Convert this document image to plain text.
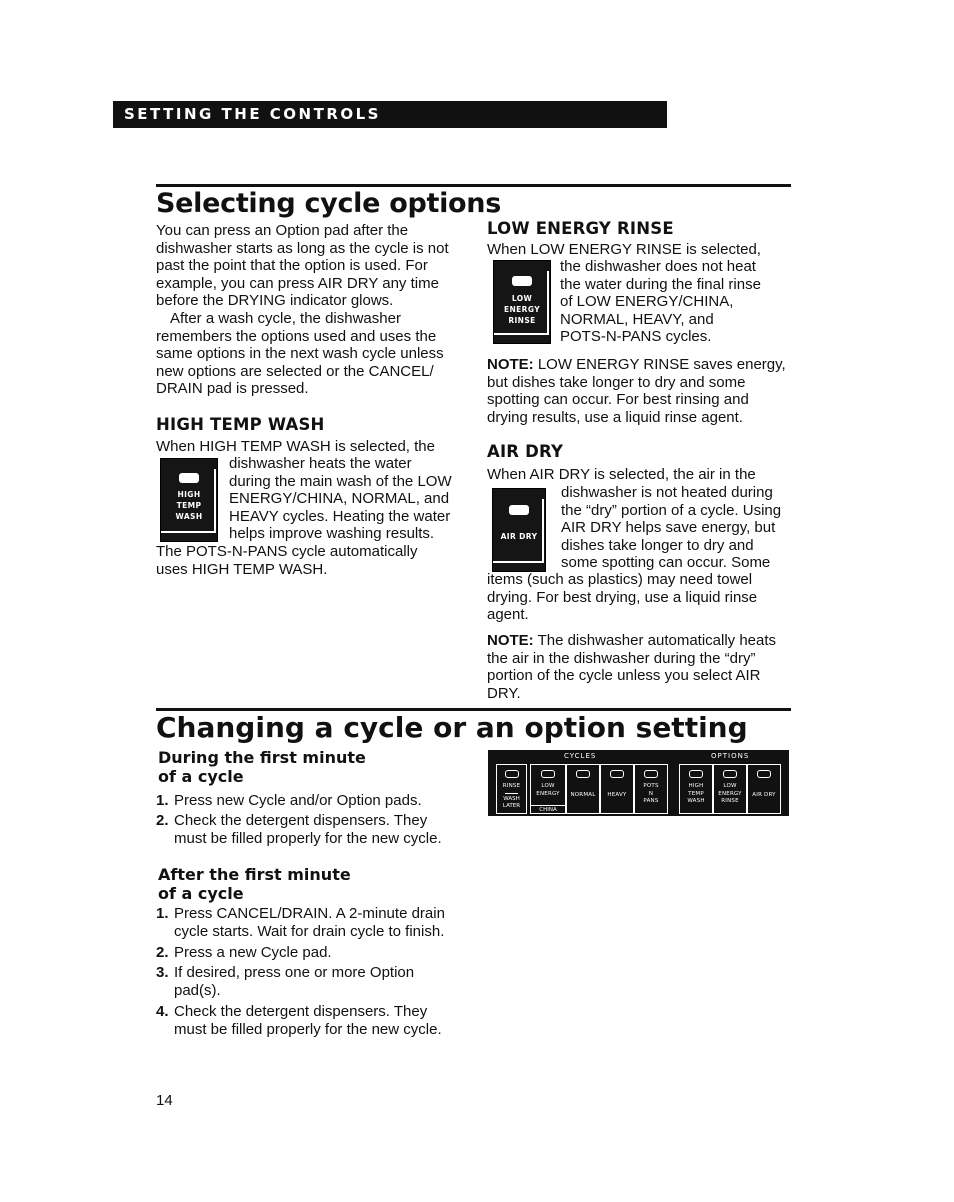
SETTING THE CONTROLS
Selecting cycle options

You can press an Option pad after the dishwasher starts as long as the cycle is not past the point that the option is used. For example, you can press AIR DRY any time before the DRYING indicator glows.

After a wash cycle, the dishwasher remembers the options used and uses the same options in the next wash cycle unless new options are selected or the CANCEL/ DRAIN pad is pressed.

HIGH TEMP WASH
When HIGH TEMP WASH is selected, the
HIGH
TEMP
WASH
dishwasher heats the water
during the main wash of the LOW
ENERGY/CHINA, NORMAL, and
HEAVY cycles. Heating the water
helps improve washing results.
The POTS-N-PANS cycle automatically
uses HIGH TEMP WASH.
LOW ENERGY RINSE
When LOW ENERGY RINSE is selected,
LOW
ENERGY
RINSE
the dishwasher does not heat
the water during the final rinse
of LOW ENERGY/CHINA,
NORMAL, HEAVY, and
POTS-N-PANS cycles.
NOTE: LOW ENERGY RINSE saves energy, but dishes take longer to dry and some spotting can occur. For best rinsing and drying results, use a liquid rinse agent.
AIR DRY
When AIR DRY is selected, the air in the
AIR DRY
dishwasher is not heated during
the “dry” portion of a cycle. Using
AIR DRY helps save energy, but
dishes take longer to dry and
some spotting can occur. Some
items (such as plastics) may need towel drying. For best drying, use a liquid rinse agent.
NOTE: The dishwasher automatically heats the air in the dishwasher during the “dry” portion of the cycle unless you select AIR DRY.
Changing a cycle or an option setting
During the first minute
of a cycle
1. Press new Cycle and/or Option pads.
2. Check the detergent dispensers. They must be filled properly for the new cycle.
After the first minute
of a cycle
1. Press CANCEL/DRAIN. A 2-minute drain cycle starts. Wait for drain cycle to finish.
2. Press a new Cycle pad.
3. If desired, press one or more Option pad(s).
4. Check the detergent dispensers. They must be filled properly for the new cycle.
CYCLES	OPTIONS
RINSE
WASH
LATER
LOW
ENERGY
CHINA
NORMAL	HEAVY
POTS
N
PANS
HIGH
TEMP
WASH
LOW
ENERGY
RINSE
AIR DRY
14
